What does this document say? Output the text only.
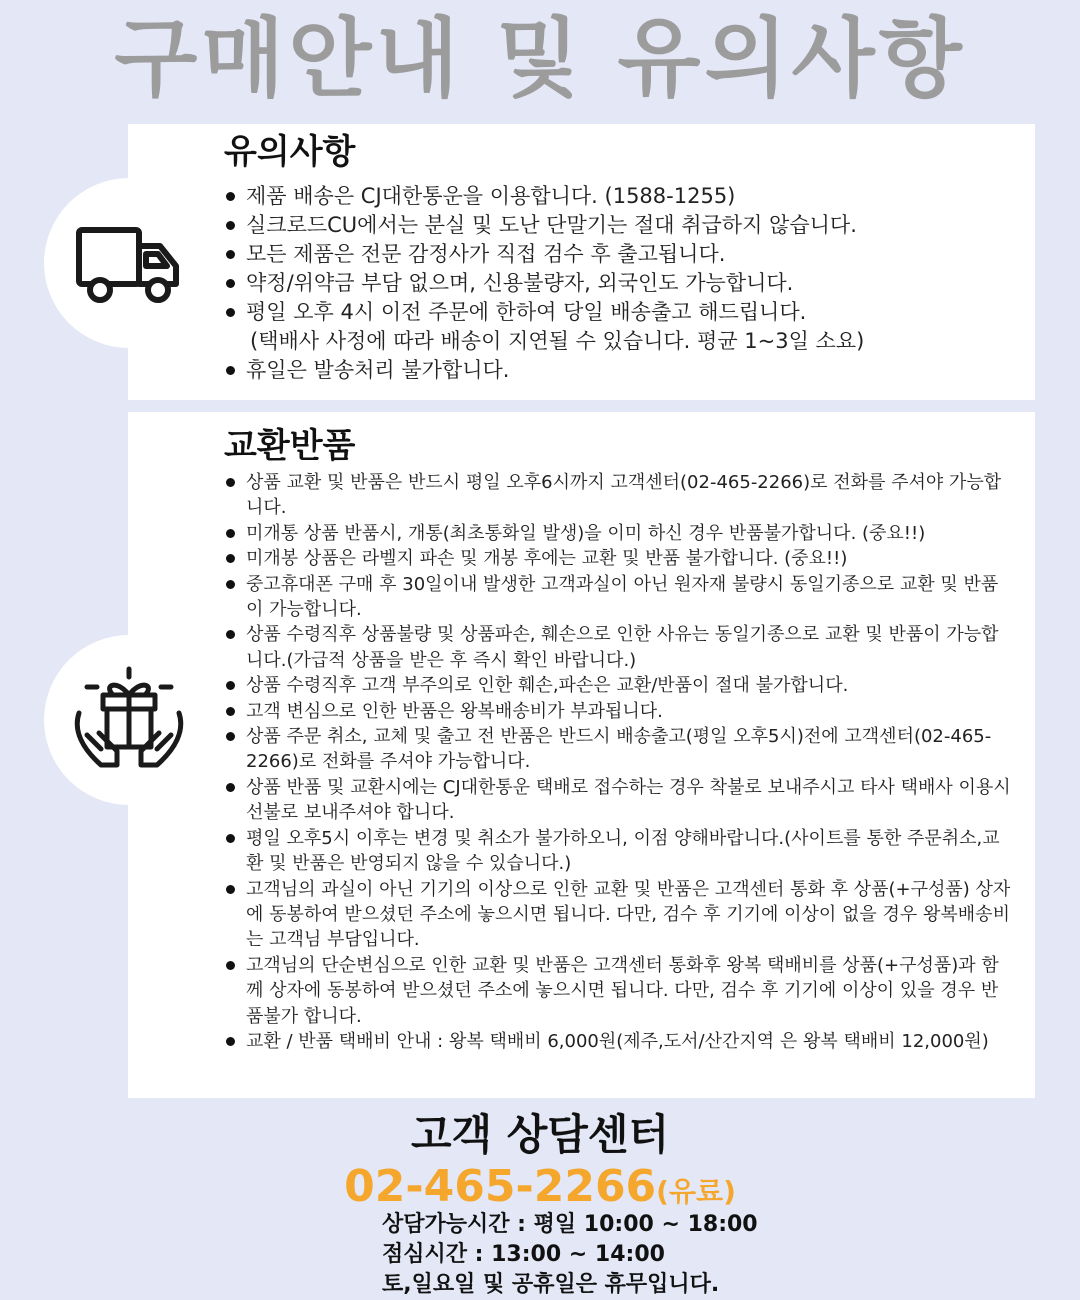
구매안내 및 유의사항
유의사항
제품 배송은 CJ대한통운을 이용합니다. (1588-1255)
실크로드CU에서는 분실 및 도난 단말기는 절대 취급하지 않습니다.
모든 제품은 전문 감정사가 직접 검수 후 출고됩니다.
약정/위약금 부담 없으며, 신용불량자, 외국인도 가능합니다.
평일 오후 4시 이전 주문에 한하여 당일 배송출고 해드립니다.
(택배사 사정에 따라 배송이 지연될 수 있습니다. 평균 1~3일 소요)
휴일은 발송처리 불가합니다.
교환반품
상품 교환 및 반품은 반드시 평일 오후6시까지 고객센터(02-465-2266)로 전화를 주셔야 가능합니다.
미개통 상품 반품시, 개통(최초통화일 발생)을 이미 하신 경우 반품불가합니다. (중요!!)
미개봉 상품은 라벨지 파손 및 개봉 후에는 교환 및 반품 불가합니다. (중요!!)
중고휴대폰 구매 후 30일이내 발생한 고객과실이 아닌 원자재 불량시 동일기종으로 교환 및 반품이 가능합니다.
상품 수령직후 상품불량 및 상품파손, 훼손으로 인한 사유는 동일기종으로 교환 및 반품이 가능합니다.(가급적 상품을 받은 후 즉시 확인 바랍니다.)
상품 수령직후 고객 부주의로 인한 훼손,파손은 교환/반품이 절대 불가합니다.
고객 변심으로 인한 반품은 왕복배송비가 부과됩니다.
상품 주문 취소, 교체 및 출고 전 반품은 반드시 배송출고(평일 오후5시)전에 고객센터(02-465-2266)로 전화를 주셔야 가능합니다.
상품 반품 및 교환시에는 CJ대한통운 택배로 접수하는 경우 착불로 보내주시고 타사 택배사 이용시 선불로 보내주셔야 합니다.
평일 오후5시 이후는 변경 및 취소가 불가하오니, 이점 양해바랍니다.(사이트를 통한 주문취소,교환 및 반품은 반영되지 않을 수 있습니다.)
고객님의 과실이 아닌 기기의 이상으로 인한 교환 및 반품은 고객센터 통화 후 상품(+구성품) 상자에 동봉하여 받으셨던 주소에 놓으시면 됩니다. 다만, 검수 후 기기에 이상이 없을 경우 왕복배송비는 고객님 부담입니다.
고객님의 단순변심으로 인한 교환 및 반품은 고객센터 통화후 왕복 택배비를 상품(+구성품)과 함께 상자에 동봉하여 받으셨던 주소에 놓으시면 됩니다. 다만, 검수 후 기기에 이상이 있을 경우 반품불가 합니다.
교환 / 반품 택배비 안내 : 왕복 택배비 6,000원(제주,도서/산간지역 은 왕복 택배비 12,000원)
고객 상담센터
02-465-2266(유료)
상담가능시간 : 평일 10:00 ~ 18:00
점심시간 : 13:00 ~ 14:00
토,일요일 및 공휴일은 휴무입니다.
